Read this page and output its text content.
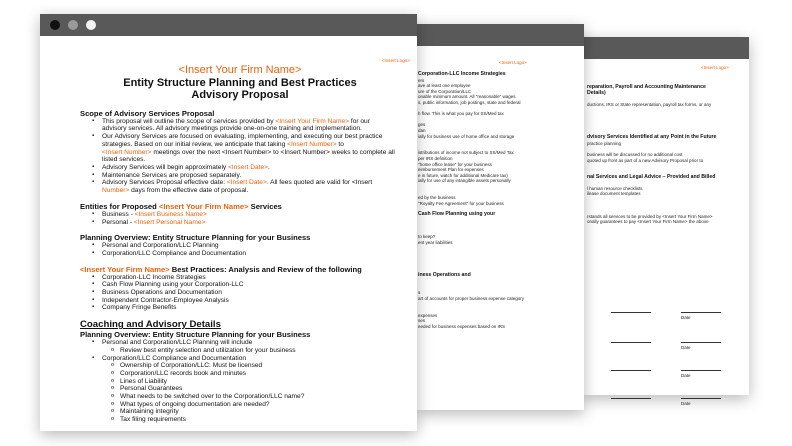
<Insert Logo>

reparation, Payroll and Accounting Maintenance

Details)

ductions, IRS or State representation, payroll tax forms, or any

dvisory Services Identified at any Point in the Future

practice planning

business will be discussed for no additional cost

quoted up front as part of a new Advisory Proposal prior to

nal Services and Legal Advice – Provided and Billed

l human resource checklists

ilease document templates

rstands all services to be provided by <Insert Your Firm Name>

onally guarantees to pay <Insert Your Firm Name> the above

Date
Date
Date
Date
<Insert Logo>

Corporation-LLC Income Strategies

ers

ave at least one employee

ure of the Corporation/LLC

onable minimum amount. All "reasonable" wages

s, public information, job postings, state and federal

h flow. This is what you pay for SS/Med tax

ges

dan

ially for business use of home office and storage

istributions of income not subject to SS/Med Tax

per IRS definition

"home office lease" for your business

eimbursement Plan for expenses

e in future, watch for additional Medicare tax)

ially for use of any intangible assets personally

ed by the business

"Royalty Fee Agreement" for your business

Cash Flow Planning using your

to keep?

ent year liabilities

iness Operations and

s

art of accounts for proper business expense category

expenses

ses

eeded for business expenses based on IRS

<Insert Logo>
<Insert Your Firm Name>
Entity Structure Planning and Best Practices
Advisory Proposal
Scope of Advisory Services Proposal
▪ This proposal will outline the scope of services provided by <Insert Your Firm Name> for our
advisory services. All advisory meetings provide one-on-one training and implementation.
▪ Our Advisory Services are focused on evaluating, implementing, and executing our best practice
strategies. Based on our initial review, we anticipate that taking <Insert Number> to
<Insert Number> meetings over the next <Insert Number> to <Insert Number> weeks to complete all
listed services.
▪ Advisory Services will begin approximately <Insert Date>.
▪ Maintenance Services are proposed separately.
▪ Advisory Services Proposal effective date: <Insert Date>. All fees quoted are valid for <Insert
Number> days from the effective date of proposal.
Entities for Proposed <Insert Your Firm Name> Services
▪ Business - <Insert Business Name>
▪ Personal - <Insert Personal Name>
Planning Overview: Entity Structure Planning for your Business
▪ Personal and Corporation/LLC Planning
▪ Corporation/LLC Compliance and Documentation
<Insert Your Firm Name> Best Practices: Analysis and Review of the following
▪ Corporation-LLC Income Strategies
▪ Cash Flow Planning using your Corporation-LLC
▪ Business Operations and Documentation
▪ Independent Contractor-Employee Analysis
▪ Company Fringe Benefits
Coaching and Advisory Details
Planning Overview: Entity Structure Planning for your Business
▪ Personal and Corporation/LLC Planning will include
o Review best entity selection and utilization for your business
▪ Corporation/LLC Compliance and Documentation
o Ownership of Corporation/LLC: Must be licensed
o Corporation/LLC records book and minutes
o Lines of Liability
o Personal Guarantees
o What needs to be switched over to the Corporation/LLC name?
o What types of ongoing documentation are needed?
o Maintaining integrity
o Tax filing requirements
